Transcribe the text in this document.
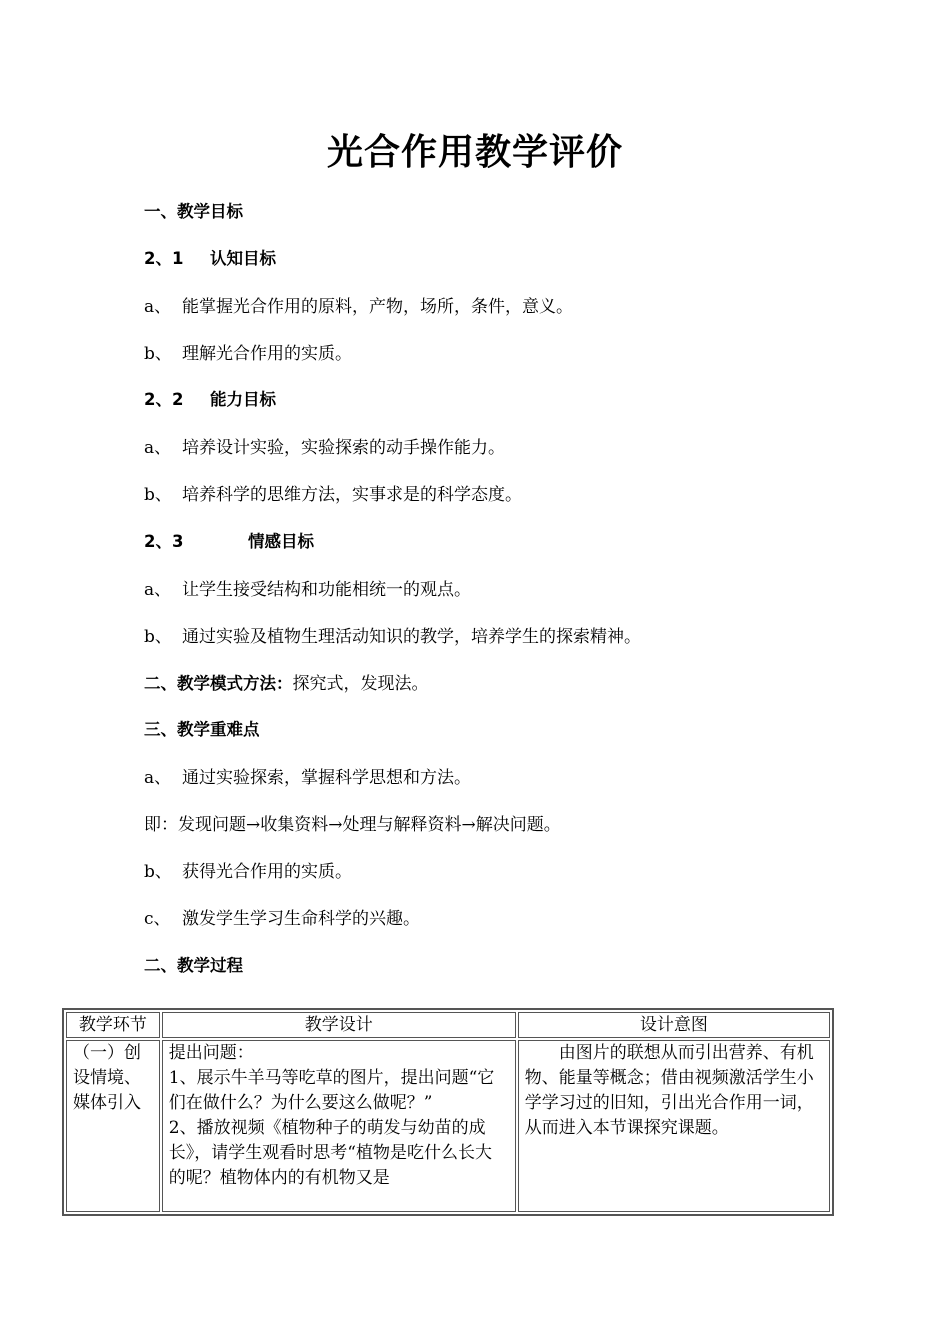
光合作用教学评价
一、教学目标
2、1 认知目标
a、 能掌握光合作用的原料，产物，场所，条件，意义。
b、 理解光合作用的实质。
2、2 能力目标
a、 培养设计实验，实验探索的动手操作能力。
b、 培养科学的思维方法，实事求是的科学态度。
2、3	情感目标
a、 让学生接受结构和功能相统一的观点。
b、 通过实验及植物生理活动知识的教学，培养学生的探索精神。
二、教学模式方法：探究式，发现法。
三、教学重难点
a、 通过实验探索，掌握科学思想和方法。
即：发现问题→收集资料→处理与解释资料→解决问题。
b、 获得光合作用的实质。
c、 激发学生学习生命科学的兴趣。
二、教学过程
教学环节	教学设计	设计意图

（一）创设情境、媒体引入	提出问题：
1、展示牛羊马等吃草的图片，提出问题“它们在做什么？为什么要这么做呢？”
2、播放视频《植物种子的萌发与幼苗的成长》，请学生观看时思考“植物是吃什么长大的呢？植物体内的有机物又是	由图片的联想从而引出营养、有机物、能量等概念；借由视频激活学生小学学习过的旧知，引出光合作用一词，从而进入本节课探究课题。
